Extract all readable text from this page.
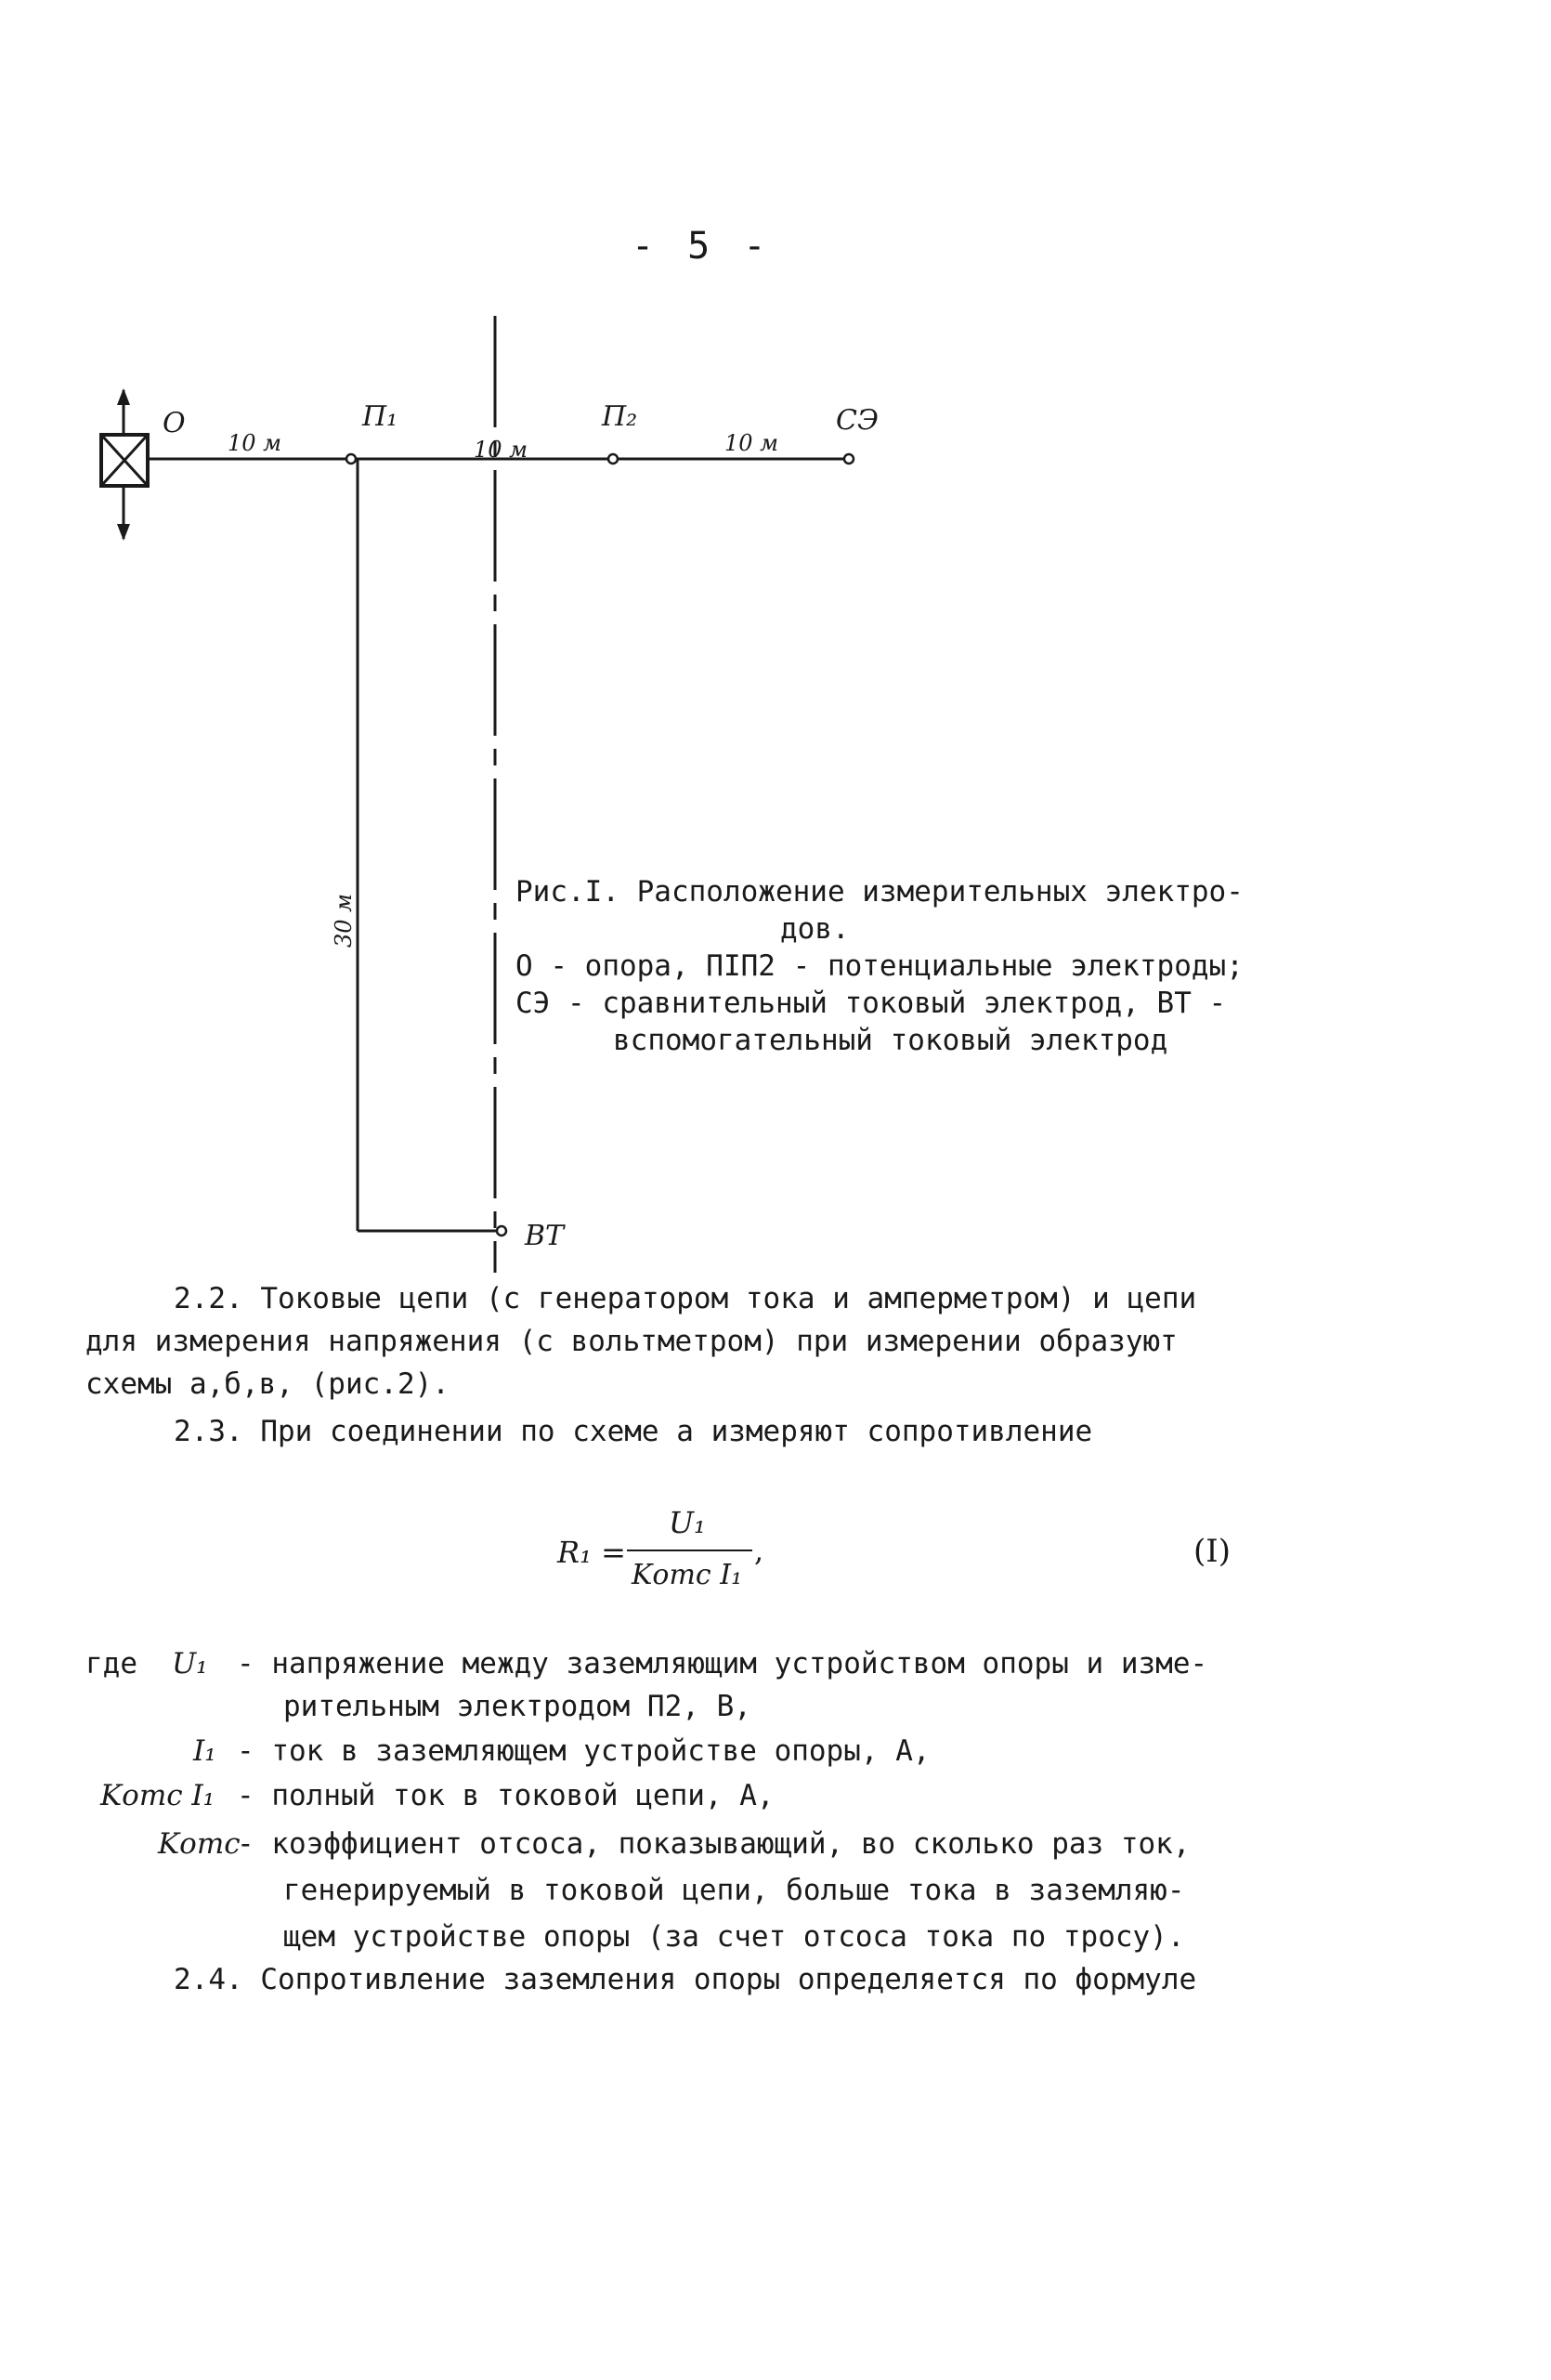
- 5 -
О	П₁	П₂	СЭ
ВТ
10 м	10 м	10 м
30 м
Рис.I. Расположение измерительных электро-
дов.
О - опора, ПIП2 - потенциальные электроды;
СЭ - сравнительный токовый электрод, ВТ -
вспомогательный токовый электрод
2.2. Токовые цепи (с генератором тока и амперметром) и цепи
для измерения напряжения (с вольтметром) при измерении образуют
схемы а,б,в, (рис.2).
2.3. При соединении по схеме а измеряют сопротивление
R₁ =
U₁
Kотс I₁
,	(I)
где U₁ - напряжение между заземляющим устройством опоры и изме-
рительным электродом П2, В,
I₁ - ток в заземляющем устройстве опоры, А,
Kотс I₁ - полный ток в токовой цепи, А,
Kотс
- коэффициент отсоса, показывающий, во сколько раз ток,
генерируемый в токовой цепи, больше тока в заземляю-
щем устройстве опоры (за счет отсоса тока по тросу).
2.4. Сопротивление заземления опоры определяется по формуле
